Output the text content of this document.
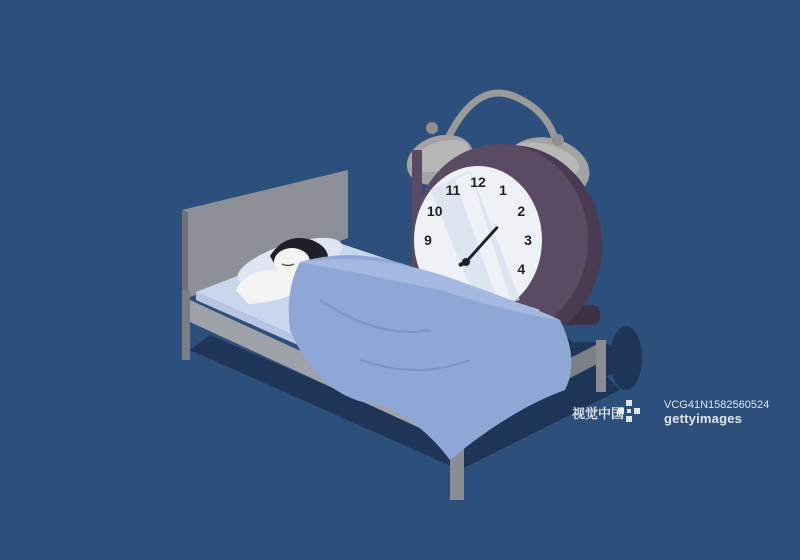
12 1
2
3
4
9
10
11
视觉中国
VCG41N1582560524
gettyimages
